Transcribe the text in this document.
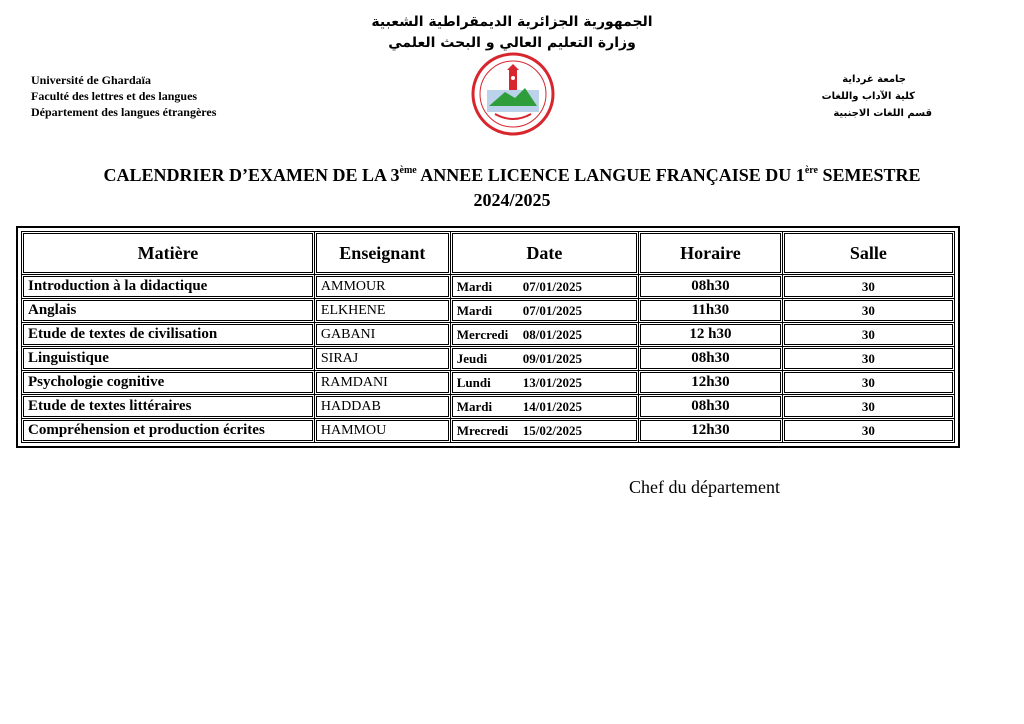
الجمهورية الجزائرية الديمقراطية الشعبية
وزارة التعليم العالي و البحث العلمي
Université de Ghardaïa
Faculté des lettres et des langues
Département des langues étrangères
جامعة غرداية
كلية الآداب واللغات
قسم اللغات الاجنبية
CALENDRIER D’EXAMEN DE LA 3ème ANNEE LICENCE LANGUE FRANÇAISE DU 1ère SEMESTRE
2024/2025
Matière	Enseignant	Date	Horaire	Salle
Introduction à la didactique	AMMOUR	Mardi 07/01/2025	08h30	30
Anglais	ELKHENE	Mardi 07/01/2025	11h30	30
Etude de textes de civilisation	GABANI	Mercredi 08/01/2025	12 h30	30
Linguistique	SIRAJ	Jeudi 09/01/2025	08h30	30
Psychologie cognitive	RAMDANI	Lundi 13/01/2025	12h30	30
Etude de textes littéraires	HADDAB	Mardi 14/01/2025	08h30	30
Compréhension et production écrites	HAMMOU	Mrecredi 15/02/2025	12h30	30
Chef du département
